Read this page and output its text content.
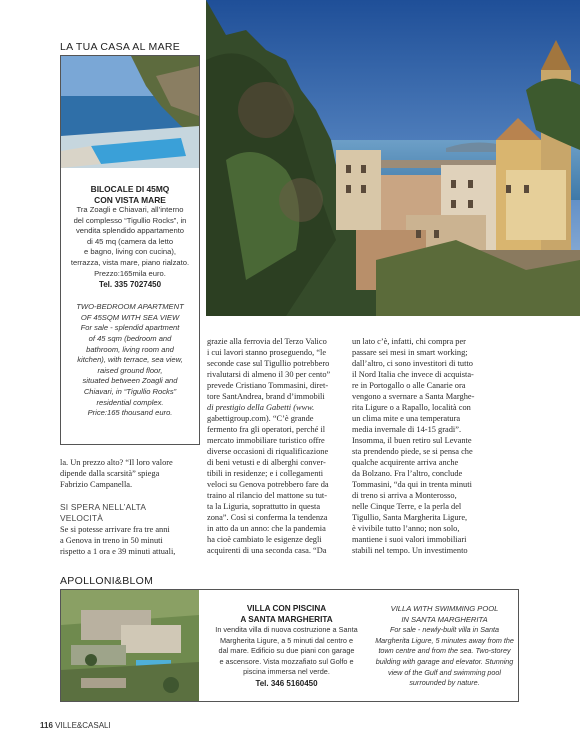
LA TUA CASA AL MARE
BILOCALE DI 45MQ
CON VISTA MARE
Tra Zoagli e Chiavari, all’interno
del complesso “Tigullio Rocks”, in
vendita splendido appartamento
di 45 mq (camera da letto
e bagno, living con cucina),
terrazza, vista mare, piano rialzato.
Prezzo:165mila euro.
Tel. 335 7027450
TWO-BEDROOM APARTMENT
OF 45SQM WITH SEA VIEW
For sale - splendid apartment
of 45 sqm (bedroom and
bathroom, living room and
kitchen), with terrace, sea view,
raised ground floor,
situated between Zoagli and
Chiavari, in “Tigullio Rocks”
residential complex.
Price:165 thousand euro.
la. Un prezzo alto? “Il loro valore
dipende dalla scarsità” spiega
Fabrizio Campanella.
SI SPERA NELL’ALTA
VELOCITÀ
Se si potesse arrivare fra tre anni
a Genova in treno in 50 minuti
rispetto a 1 ora e 39 minuti attuali,
grazie alla ferrovia del Terzo Valico
i cui lavori stanno proseguendo, “le
seconde case sul Tigullio potrebbero
rivalutarsi di almeno il 30 per cento”
prevede Cristiano Tommasini, diret-
tore SantAndrea, brand d’immobili
di prestigio della Gabetti (www.
gabettigroup.com). “C’è grande
fermento fra gli operatori, perché il
mercato immobiliare turistico offre
diverse occasioni di riqualificazione
di beni vetusti e di alberghi conver-
tibili in residenze; e i collegamenti
veloci su Genova potrebbero fare da
traino al rilancio del mattone su tut-
ta la Liguria, soprattutto in questa
zona”. Così si conferma la tendenza
in atto da un anno: che la pandemia
ha cioè cambiato le esigenze degli
acquirenti di una seconda casa. “Da
un lato c’è, infatti, chi compra per
passare sei mesi in smart working;
dall’altro, ci sono investitori di tutto
il Nord Italia che invece di acquista-
re in Portogallo o alle Canarie ora
vengono a svernare a Santa Marghe-
rita Ligure o a Rapallo, località con
un clima mite e una temperatura
media invernale di 14-15 gradi”.
Insomma, il buen retiro sul Levante
sta prendendo piede, se si pensa che
qualche acquirente arriva anche
da Bolzano. Fra l’altro, conclude
Tommasini, “da qui in trenta minuti
di treno si arriva a Monterosso,
nelle Cinque Terre, e la perla del
Tigullio, Santa Margherita Ligure,
è vivibile tutto l’anno; non solo,
mantiene i suoi valori immobiliari
stabili nel tempo. Un investimento
APOLLONI&BLOM
VILLA CON PISCINA
A SANTA MARGHERITA
In vendita villa di nuova costruzione a Santa
Margherita Ligure, a 5 minuti dal centro e
dal mare. Edificio su due piani con garage
e ascensore. Vista mozzafiato sul Golfo e
piscina immersa nel verde.
Tel. 346 5160450
VILLA WITH SWIMMING POOL
IN SANTA MARGHERITA
For sale - newly-built villa in Santa
Margherita Ligure, 5 minutes away from the
town centre and from the sea. Two-storey
building with garage and elevator. Stunning
view of the Gulf and swimming pool
surrounded by nature.
116 VILLE&CASALI
